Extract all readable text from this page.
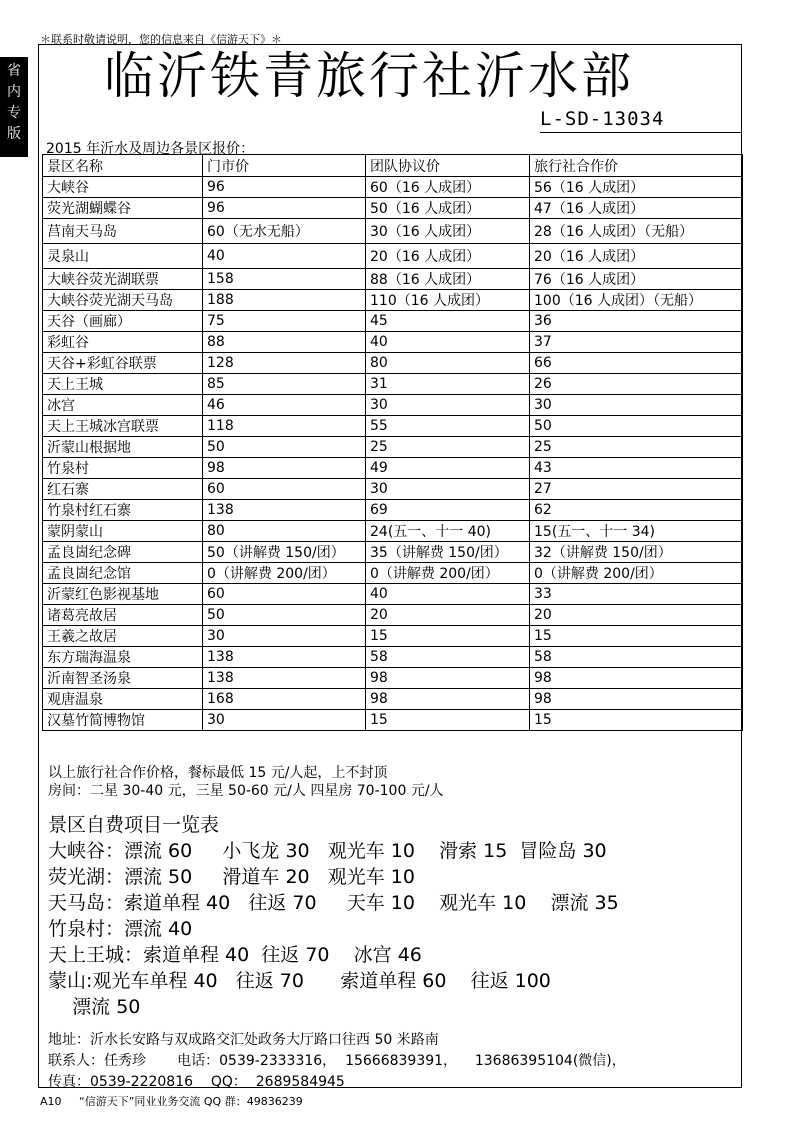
＊联系时敬请说明，您的信息来自《信游天下》＊
省
内
专
版
临沂铁青旅行社沂水部
L-SD-13034
2015 年沂水及周边各景区报价：
景区名称	门市价	团队协议价	旅行社合作价
大峡谷	96	60（16 人成团）	56（16 人成团）
荧光湖蝴蝶谷	96	50（16 人成团）	47（16 人成团）
莒南天马岛	60（无水无船）	30（16 人成团）	28（16 人成团）（无船）
灵泉山	40	20（16 人成团）	20（16 人成团）
大峡谷荧光湖联票	158	88（16 人成团）	76（16 人成团）
大峡谷荧光湖天马岛	188	110（16 人成团）	100（16 人成团）（无船）
天谷（画廊）	75	45	36
彩虹谷	88	40	37
天谷+彩虹谷联票	128	80	66
天上王城	85	31	26
冰宫	46	30	30
天上王城冰宫联票	118	55	50
沂蒙山根据地	50	25	25
竹泉村	98	49	43
红石寨	60	30	27
竹泉村红石寨	138	69	62
蒙阴蒙山	80	24(五一、十一 40)	15(五一、十一 34)
孟良崮纪念碑	50（讲解费 150/团）	35（讲解费 150/团）	32（讲解费 150/团）
孟良崮纪念馆	0（讲解费 200/团）	0（讲解费 200/团）	0（讲解费 200/团）
沂蒙红色影视基地	60	40	33
诸葛亮故居	50	20	20
王羲之故居	30	15	15
东方瑞海温泉	138	58	58
沂南智圣汤泉	138	98	98
观唐温泉	168	98	98
汉墓竹简博物馆	30	15	15
以上旅行社合作价格，餐标最低 15 元/人起，上不封顶
房间：二星 30-40 元，三星 50-60 元/人 四星房 70-100 元/人
景区自费项目一览表
大峡谷：漂流 60     小飞龙 30   观光车 10    滑索 15  冒险岛 30
荧光湖：漂流 50     滑道车 20   观光车 10
天马岛：索道单程 40   往返 70     天车 10    观光车 10    漂流 35
竹泉村：漂流 40
天上王城：索道单程 40  往返 70    冰宫 46
蒙山:观光车单程 40   往返 70      索道单程 60    往返 100
漂流 50
地址：沂水长安路与双成路交汇处政务大厅路口往西 50 米路南
联系人：任秀珍       电话：0539-2333316，  15666839391，    13686395104(微信)，
传真：0539-2220816    QQ：  2689584945
A10     “信游天下”同业业务交流 QQ 群：49836239
